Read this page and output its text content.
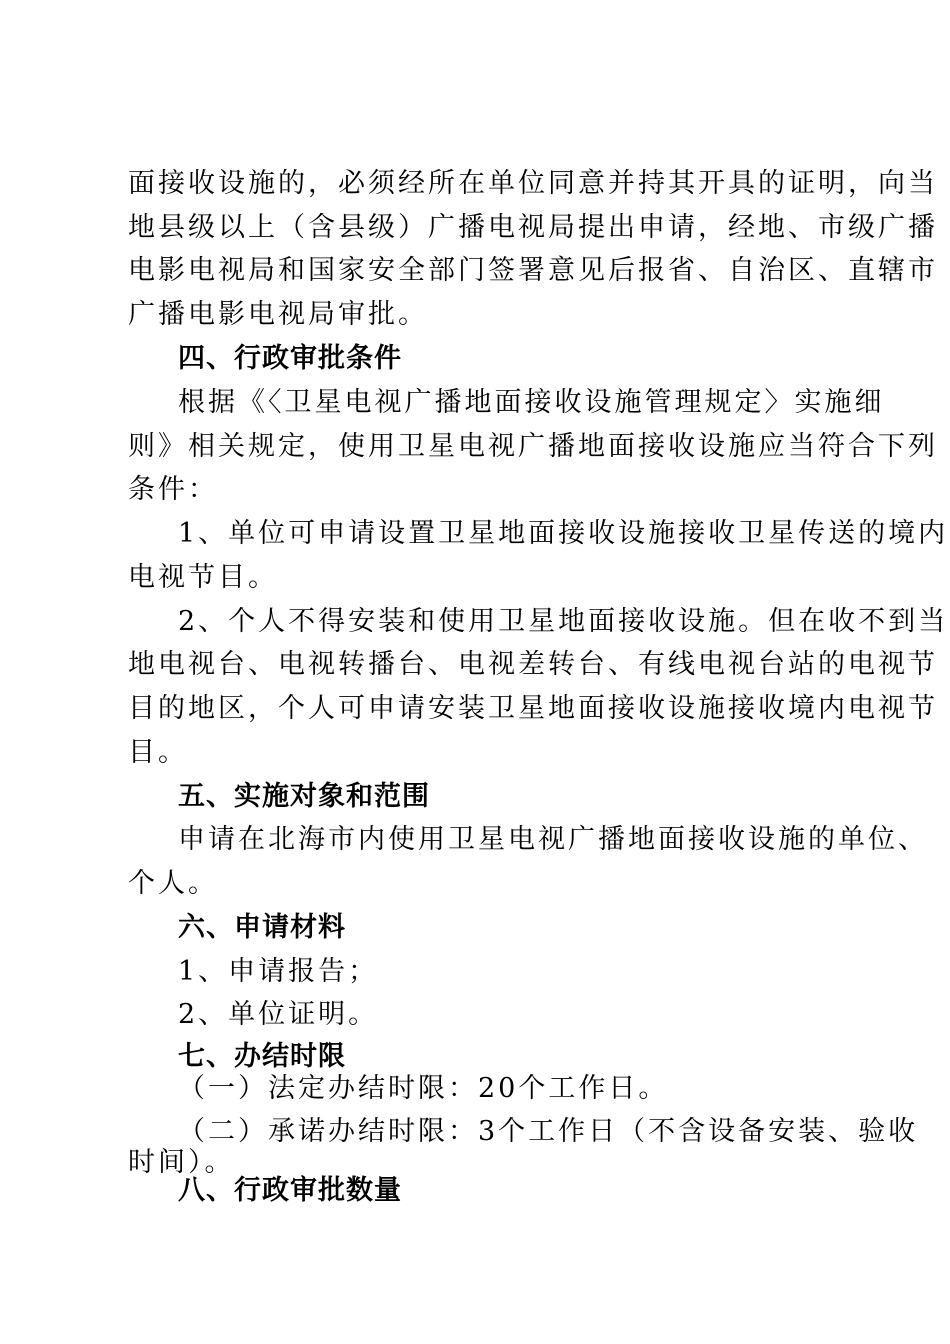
面接收设施的，必须经所在单位同意并持其开具的证明，向当
地县级以上（含县级）广播电视局提出申请，经地、市级广播
电影电视局和国家安全部门签署意见后报省、自治区、直辖市
广播电影电视局审批。
四、行政审批条件
根据《〈卫星电视广播地面接收设施管理规定〉实施细
则》相关规定，使用卫星电视广播地面接收设施应当符合下列
条件：
1、单位可申请设置卫星地面接收设施接收卫星传送的境内
电视节目。
2、个人不得安装和使用卫星地面接收设施。但在收不到当
地电视台、电视转播台、电视差转台、有线电视台站的电视节
目的地区，个人可申请安装卫星地面接收设施接收境内电视节
目。
五、实施对象和范围
申请在北海市内使用卫星电视广播地面接收设施的单位、
个人。
六、申请材料
1、申请报告；
2、单位证明。
七、办结时限
（一）法定办结时限：20个工作日。
（二）承诺办结时限：3个工作日（不含设备安装、验收
时间）。
八、行政审批数量
